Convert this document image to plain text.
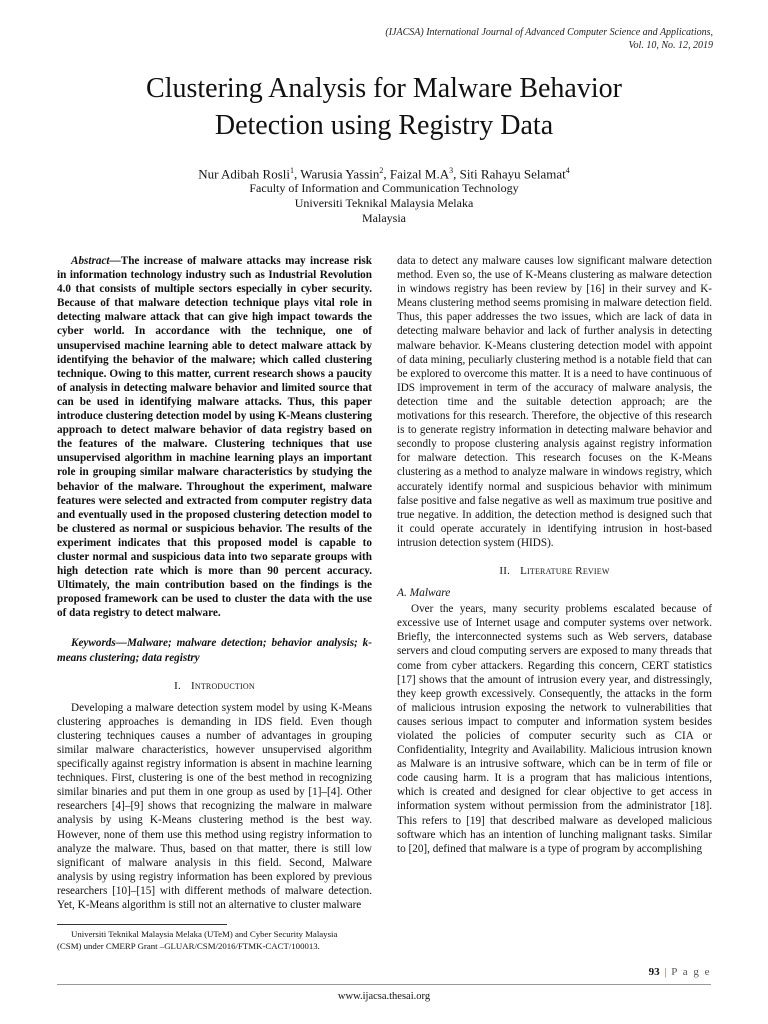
(IJACSA) International Journal of Advanced Computer Science and Applications,
Vol. 10, No. 12, 2019
Clustering Analysis for Malware Behavior
Detection using Registry Data
Nur Adibah Rosli$^1$, Warusia Yassin$^2$, Faizal $M.A^3$, Siti Rahayu Selamat$^4$
Faculty of Information and Communication Technology
Universiti Teknikal Malaysia Melaka
Malaysia

Abstract—The increase of malware attacks may increase risk in information technology industry such as Industrial Revolution 4.0 that consists of multiple sectors especially in cyber security. Because of that malware detection technique plays vital role in detecting malware attack that can give high impact towards the cyber world. In accordance with the technique, one of unsupervised machine learning able to detect malware attack by identifying the behavior of the malware; which called clustering technique. Owing to this matter, current research shows a paucity of analysis in detecting malware behavior and limited source that can be used in identifying malware attacks. Thus, this paper introduce clustering detection model by using K-Means clustering approach to detect malware behavior of data registry based on the features of the malware. Clustering techniques that use unsupervised algorithm in machine learning plays an important role in grouping similar malware characteristics by studying the behavior of the malware. Throughout the experiment, malware features were selected and extracted from computer registry data and eventually used in the proposed clustering detection model to be clustered as normal or suspicious behavior. The results of the experiment indicates that this proposed model is capable to cluster normal and suspicious data into two separate groups with high detection rate which is more than 90 percent accuracy. Ultimately, the main contribution based on the findings is the proposed framework can be used to cluster the data with the use of data registry to detect malware.

Keywords—Malware; malware detection; behavior analysis; k-means clustering; data registry

I. Introduction

Developing a malware detection system model by using K-Means clustering approaches is demanding in IDS field. Even though clustering techniques causes a number of advantages in grouping similar malware characteristics, however unsupervised algorithm specifically against registry information is absent in machine learning techniques. First, clustering is one of the best method in recognizing similar binaries and put them in one group as used by [1]–[4]. Other researchers [4]–[9] shows that recognizing the malware in malware analysis by using K-Means clustering method is the best way. However, none of them use this method using registry information to analyze the malware. Thus, based on that matter, there is still low significant of malware analysis in this field. Second, Malware analysis by using registry information has been explored by previous researchers [10]–[15] with different methods of malware detection. Yet, K-Means algorithm is still not an alternative to cluster malware

data to detect any malware causes low significant malware detection method. Even so, the use of K-Means clustering as malware detection in windows registry has been review by [16] in their survey and K-Means clustering method seems promising in malware detection field. Thus, this paper addresses the two issues, which are lack of data in detecting malware behavior and lack of further analysis in detecting malware behavior. K-Means clustering detection model with appoint of data mining, peculiarly clustering method is a notable field that can be explored to overcome this matter. It is a need to have continuous of IDS improvement in term of the accuracy of malware analysis, the detection time and the suitable detection approach; are the motivations for this research. Therefore, the objective of this research is to generate registry information in detecting malware behavior and secondly to propose clustering analysis against registry information for malware detection. This research focuses on the K-Means clustering as a method to analyze malware in windows registry, which accurately identify normal and suspicious behavior with minimum false positive and false negative as well as maximum true positive and true negative. In addition, the detection method is designed such that it could operate accurately in identifying intrusion in host-based intrusion detection system (HIDS).

II. Literature Review

A. Malware

Over the years, many security problems escalated because of excessive use of Internet usage and computer systems over network. Briefly, the interconnected systems such as Web servers, database servers and cloud computing servers are exposed to many threads that come from cyber attackers. Regarding this concern, CERT statistics [17] shows that the amount of intrusion every year, and distressingly, they keep growth excessively. Consequently, the attacks in the form of malicious intrusion exposing the network to vulnerabilities that causes serious impact to computer and information system besides violated the policies of computer security such as CIA or Confidentiality, Integrity and Availability. Malicious intrusion known as Malware is an intrusive software, which can be in term of file or code causing harm. It is a program that has malicious intentions, which is created and designed for clear objective to get access in information system without permission from the administrator [18]. This refers to [19] that described malware as developed malicious software which has an intention of lunching malignant tasks. Similar to [20], defined that malware is a type of program by accomplishing

Universiti Teknikal Malaysia Melaka (UTeM) and Cyber Security Malaysia (CSM) under CMERP Grant –GLUAR/CSM/2016/FTMK-CACT/100013.
93 | P a g e
www.ijacsa.thesai.org
